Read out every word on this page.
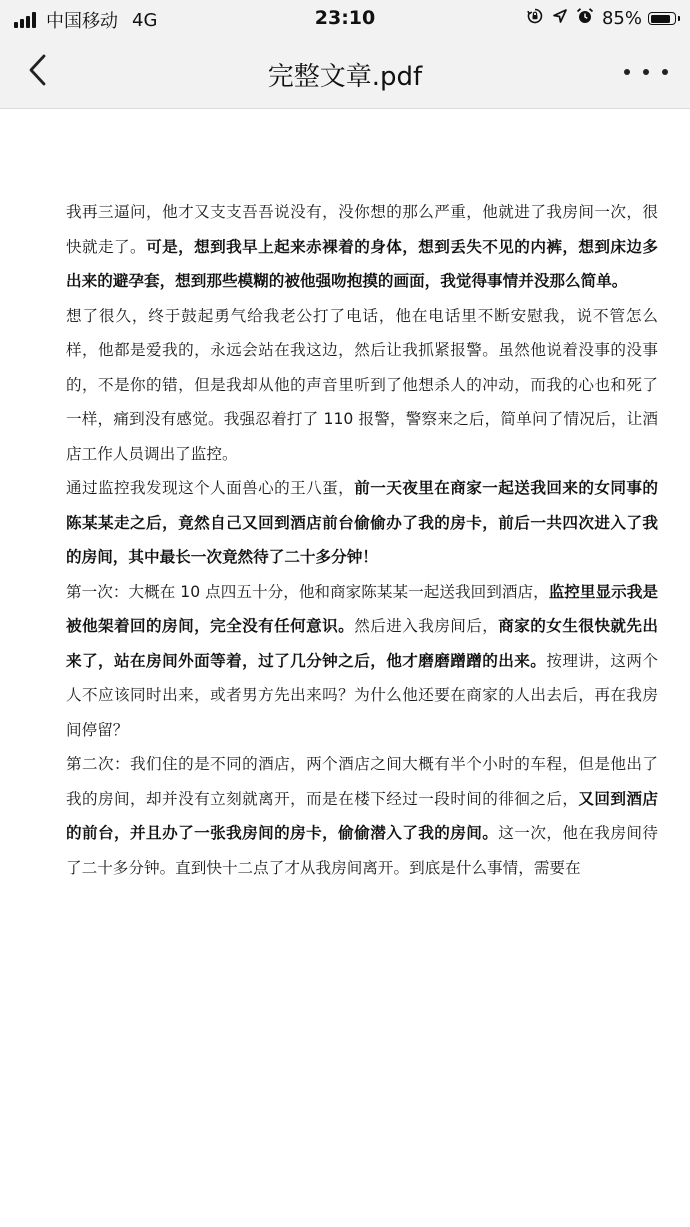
中国移动 4G	23:10	85%
完整文章.pdf

我再三逼问，他才又支支吾吾说没有，没你想的那么严重，他就进了我房间一次，很快就走了。可是，想到我早上起来赤裸着的身体，想到丢失不见的内裤，想到床边多出来的避孕套，想到那些模糊的被他强吻抱摸的画面，我觉得事情并没那么简单。

想了很久，终于鼓起勇气给我老公打了电话，他在电话里不断安慰我，说不管怎么样，他都是爱我的，永远会站在我这边，然后让我抓紧报警。虽然他说着没事的没事的，不是你的错，但是我却从他的声音里听到了他想杀人的冲动，而我的心也和死了一样，痛到没有感觉。我强忍着打了 110 报警，警察来之后，简单问了情况后，让酒店工作人员调出了监控。

通过监控我发现这个人面兽心的王八蛋，前一天夜里在商家一起送我回来的女同事的陈某某走之后，竟然自己又回到酒店前台偷偷办了我的房卡，前后一共四次进入了我的房间，其中最长一次竟然待了二十多分钟！

第一次：大概在 10 点四五十分，他和商家陈某某一起送我回到酒店，监控里显示我是被他架着回的房间，完全没有任何意识。然后进入我房间后，商家的女生很快就先出来了，站在房间外面等着，过了几分钟之后，他才磨磨蹭蹭的出来。按理讲，这两个人不应该同时出来，或者男方先出来吗？为什么他还要在商家的人出去后，再在我房间停留？

第二次：我们住的是不同的酒店，两个酒店之间大概有半个小时的车程，但是他出了我的房间，却并没有立刻就离开，而是在楼下经过一段时间的徘徊之后，又回到酒店的前台，并且办了一张我房间的房卡，偷偷潜入了我的房间。这一次，他在我房间待了二十多分钟。直到快十二点了才从我房间离开。到底是什么事情，需要在
